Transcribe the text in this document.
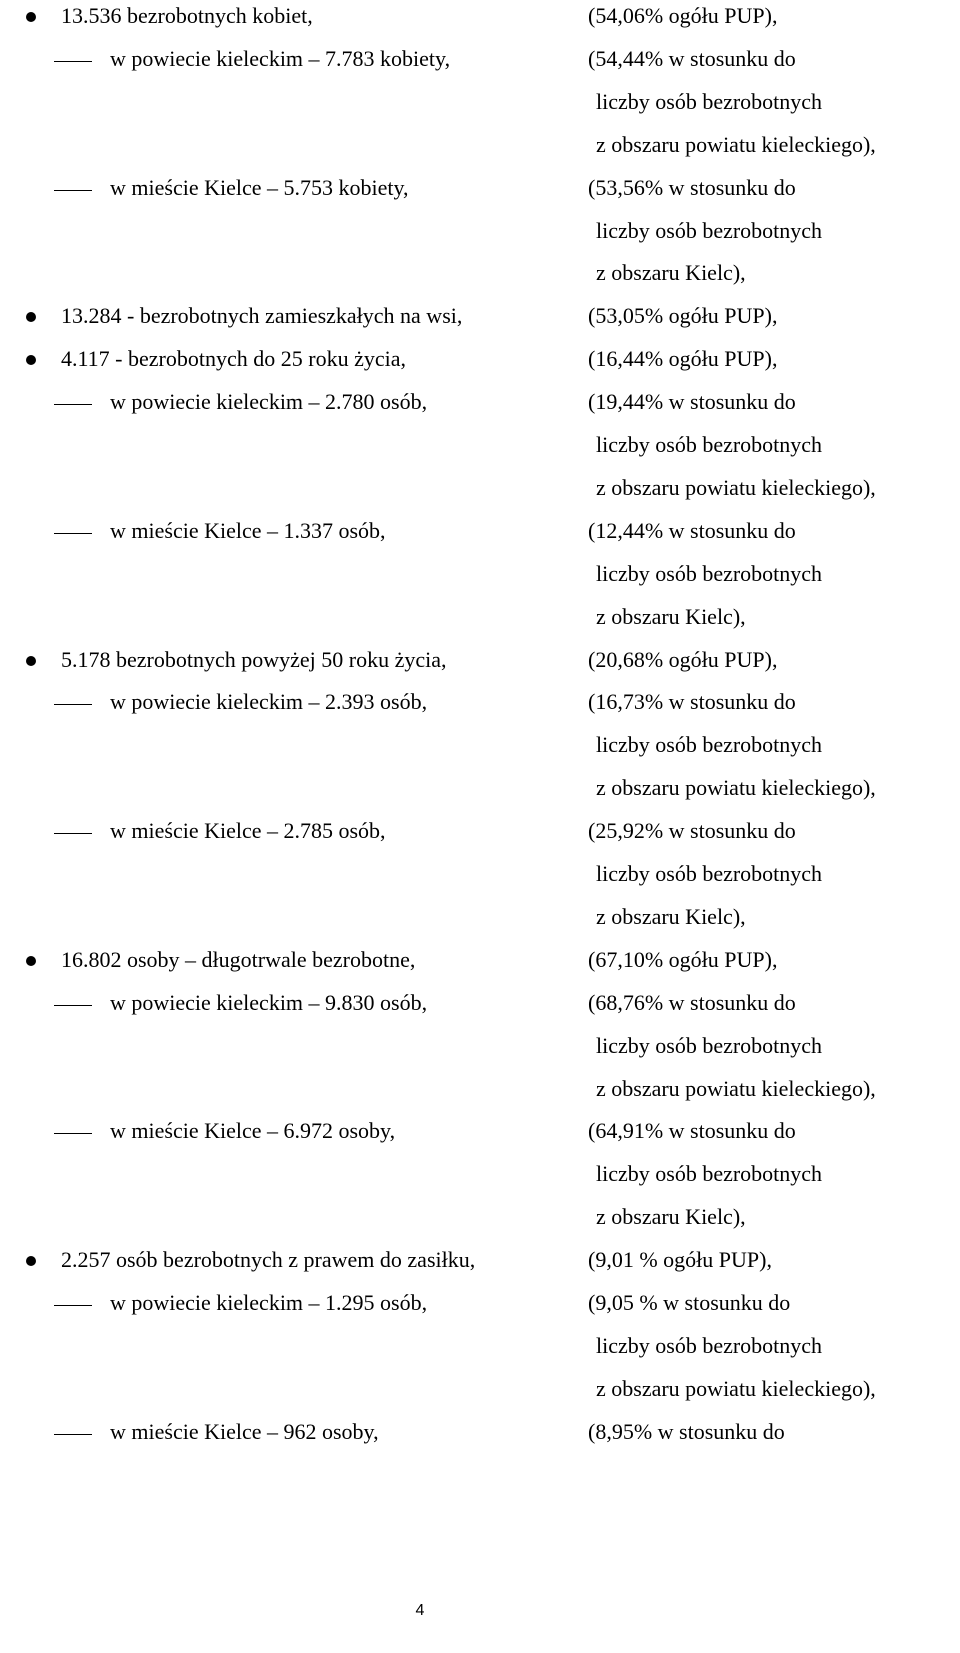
13.536 bezrobotnych kobiet,	(54,06% ogółu PUP),
w powiecie kieleckim – 7.783 kobiety,	(54,44% w stosunku do
liczby osób bezrobotnych
z obszaru powiatu kieleckiego),
w mieście Kielce – 5.753 kobiety,	(53,56% w stosunku do
liczby osób bezrobotnych
z obszaru Kielc),
13.284 - bezrobotnych zamieszkałych na wsi,	(53,05% ogółu PUP),
4.117 - bezrobotnych do 25 roku życia,	(16,44% ogółu PUP),
w powiecie kieleckim – 2.780 osób,	(19,44% w stosunku do
liczby osób bezrobotnych
z obszaru powiatu kieleckiego),
w mieście Kielce – 1.337 osób,	(12,44% w stosunku do
liczby osób bezrobotnych
z obszaru Kielc),
5.178 bezrobotnych powyżej 50 roku życia,	(20,68% ogółu PUP),
w powiecie kieleckim – 2.393 osób,	(16,73% w stosunku do
liczby osób bezrobotnych
z obszaru powiatu kieleckiego),
w mieście Kielce – 2.785 osób,	(25,92% w stosunku do
liczby osób bezrobotnych
z obszaru Kielc),
16.802 osoby – długotrwale bezrobotne,	(67,10% ogółu PUP),
w powiecie kieleckim – 9.830 osób,	(68,76% w stosunku do
liczby osób bezrobotnych
z obszaru powiatu kieleckiego),
w mieście Kielce – 6.972 osoby,	(64,91% w stosunku do
liczby osób bezrobotnych
z obszaru Kielc),
2.257 osób bezrobotnych z prawem do zasiłku,	(9,01 % ogółu PUP),
w powiecie kieleckim – 1.295 osób,	(9,05 % w stosunku do
liczby osób bezrobotnych
z obszaru powiatu kieleckiego),
w mieście Kielce – 962 osoby,	(8,95% w stosunku do
4
